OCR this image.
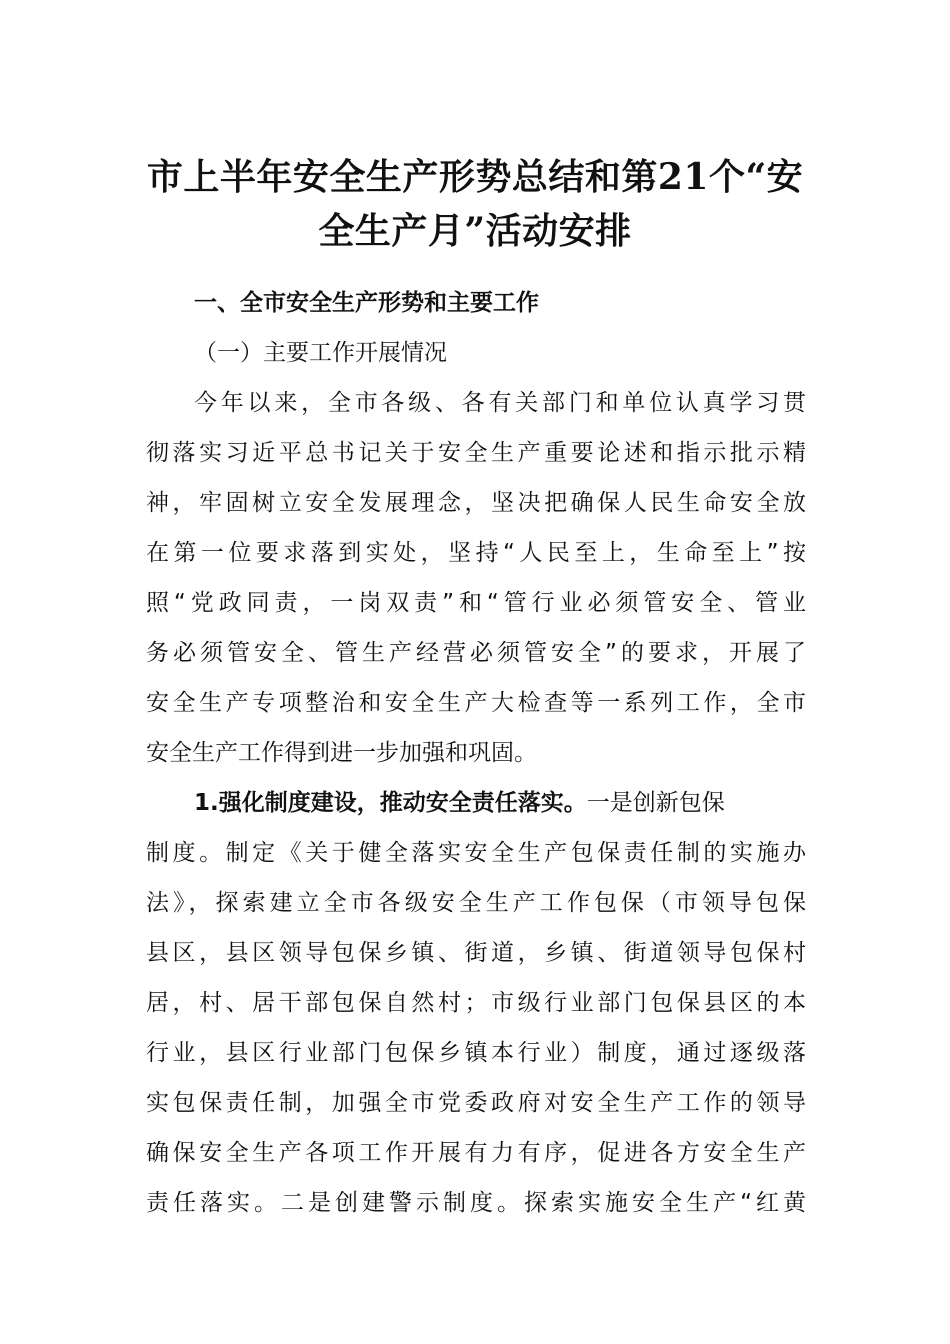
市上半年安全生产形势总结和第21个“安
全生产月”活动安排
一、全市安全生产形势和主要工作
（一）主要工作开展情况
今年以来，全市各级、各有关部门和单位认真学习贯
彻落实习近平总书记关于安全生产重要论述和指示批示精
神，牢固树立安全发展理念，坚决把确保人民生命安全放
在第一位要求落到实处，坚持“人民至上，生命至上”按
照“党政同责，一岗双责”和“管行业必须管安全、管业
务必须管安全、管生产经营必须管安全”的要求，开展了
安全生产专项整治和安全生产大检查等一系列工作，全市
安全生产工作得到进一步加强和巩固。
1.强化制度建设，推动安全责任落实。一是创新包保
制度。制定《关于健全落实安全生产包保责任制的实施办
法》，探索建立全市各级安全生产工作包保（市领导包保
县区，县区领导包保乡镇、街道，乡镇、街道领导包保村
居，村、居干部包保自然村；市级行业部门包保县区的本
行业，县区行业部门包保乡镇本行业）制度，通过逐级落
实包保责任制，加强全市党委政府对安全生产工作的领导
确保安全生产各项工作开展有力有序，促进各方安全生产
责任落实。二是创建警示制度。探索实施安全生产“红黄
